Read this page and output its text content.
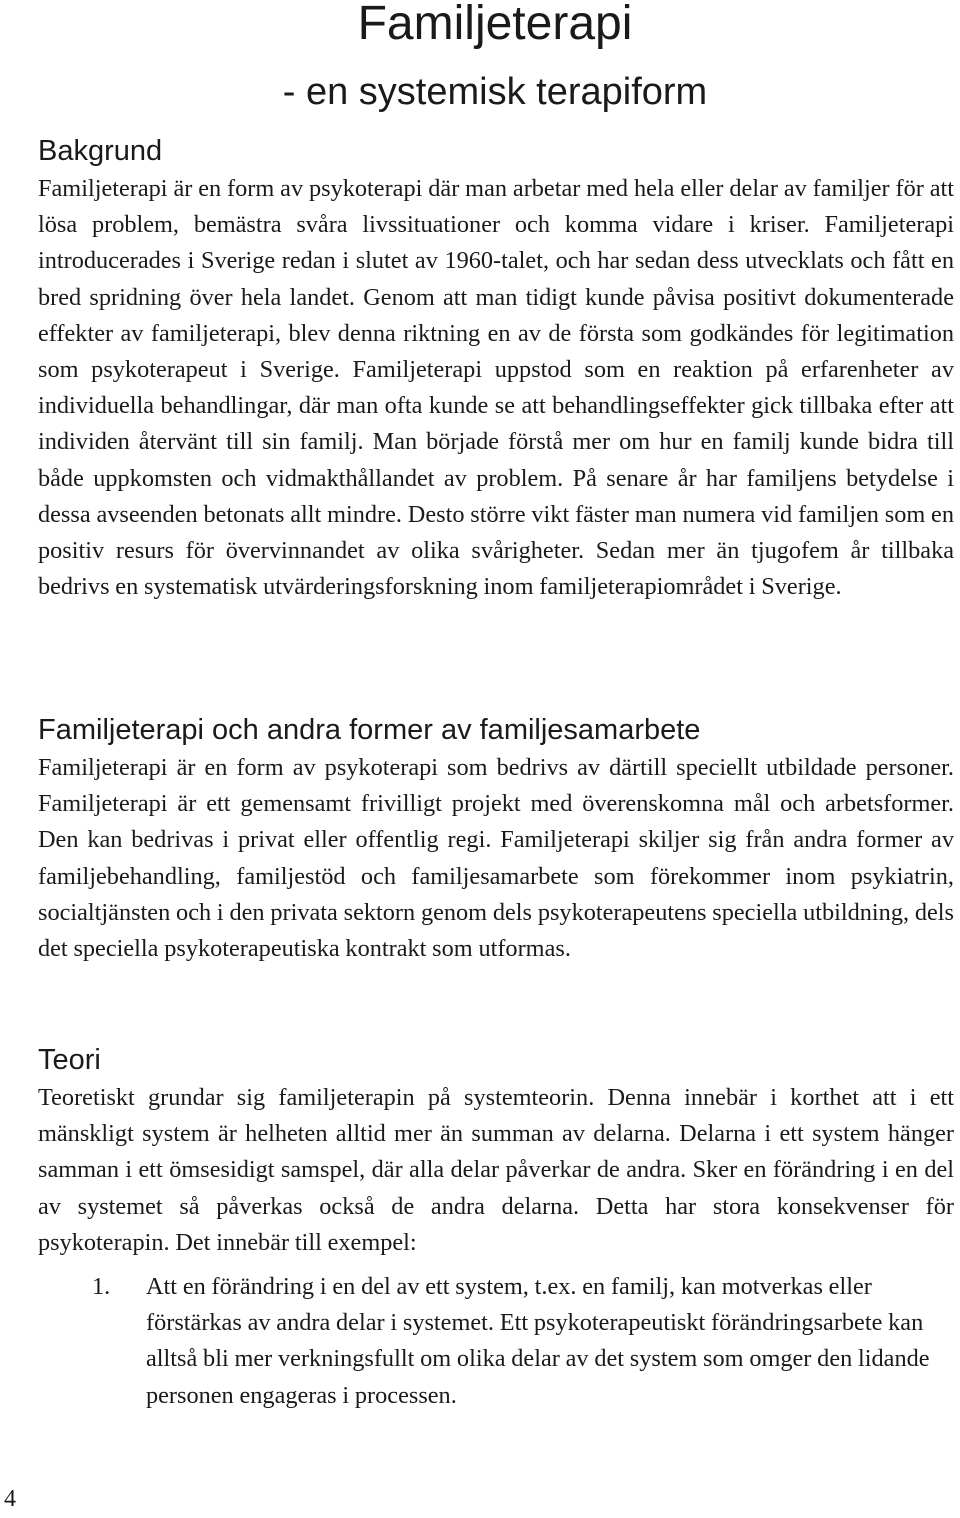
Familjeterapi
- en systemisk terapiform
Bakgrund

Familjeterapi är en form av psykoterapi där man arbetar med hela eller delar av familjer för att lösa problem, bemästra svåra livssituationer och komma vidare i kriser. Familjeterapi introducerades i Sverige redan i slutet av 1960-talet, och har sedan dess utvecklats och fått en bred spridning över hela landet. Genom att man tidigt kunde påvisa positivt dokumenterade effekter av familjeterapi, blev denna riktning en av de första som godkändes för legitimation som psykoterapeut i Sverige. Familjeterapi uppstod som en reaktion på erfarenheter av individuella behandlingar, där man ofta kunde se att behandlingseffekter gick tillbaka efter att individen återvänt till sin familj. Man började förstå mer om hur en familj kunde bidra till både uppkomsten och vidmakthållandet av problem. På senare år har familjens betydelse i dessa avseenden betonats allt mindre. Desto större vikt fäster man numera vid familjen som en positiv resurs för övervinnandet av olika svårigheter. Sedan mer än tjugofem år tillbaka bedrivs en systematisk utvärderingsforskning inom familjeterapiområdet i Sverige.

Familjeterapi och andra former av familjesamarbete

Familjeterapi är en form av psykoterapi som bedrivs av därtill speciellt utbildade personer. Familjeterapi är ett gemensamt frivilligt projekt med överenskomna mål och arbetsformer. Den kan bedrivas i privat eller offentlig regi. Familjeterapi skiljer sig från andra former av familjebehandling, familjestöd och familjesamarbete som förekommer inom psykiatrin, socialtjänsten och i den privata sektorn genom dels psykoterapeutens speciella utbildning, dels det speciella psykoterapeutiska kontrakt som utformas.

Teori

Teoretiskt grundar sig familjeterapin på systemteorin. Denna innebär i korthet att i ett mänskligt system är helheten alltid mer än summan av delarna. Delarna i ett system hänger samman i ett ömsesidigt samspel, där alla delar påverkar de andra. Sker en förändring i en del av systemet så påverkas också de andra delarna. Detta har stora konsekvenser för psykoterapin. Det innebär till exempel:

1. Att en förändring i en del av ett system, t.ex. en familj, kan motverkas eller förstärkas av andra delar i systemet. Ett psykoterapeutiskt förändringsarbete kan alltså bli mer verkningsfullt om olika delar av det system som omger den lidande personen engageras i processen.

4
